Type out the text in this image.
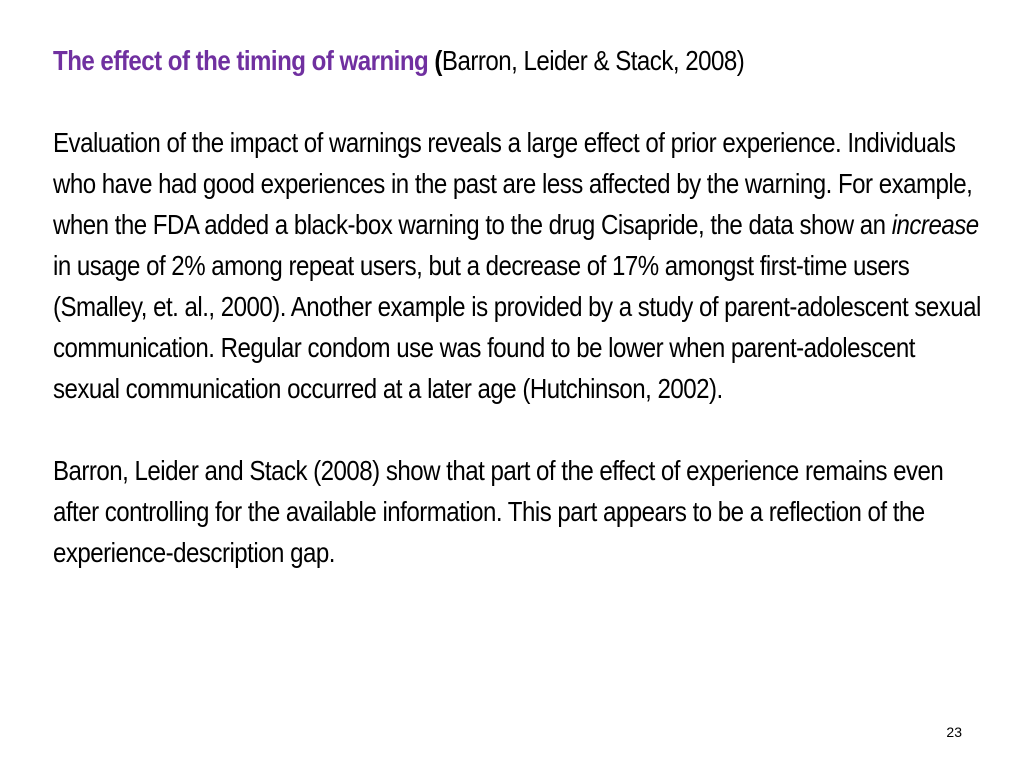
The effect of the timing of warning (Barron, Leider & Stack, 2008)

Evaluation of the impact of warnings reveals a large effect of prior experience. Individuals who have had good experiences in the past are less affected by the warning. For example, when the FDA added a black-box warning to the drug Cisapride, the data show an increase in usage of 2% among repeat users, but a decrease of 17% amongst first-time users (Smalley, et. al., 2000). Another example is provided by a study of parent-adolescent sexual communication. Regular condom use was found to be lower when parent-adolescent sexual communication occurred at a later age (Hutchinson, 2002).

Barron, Leider and Stack (2008) show that part of the effect of experience remains even after controlling for the available information. This part appears to be a reflection of the experience-description gap.

23
